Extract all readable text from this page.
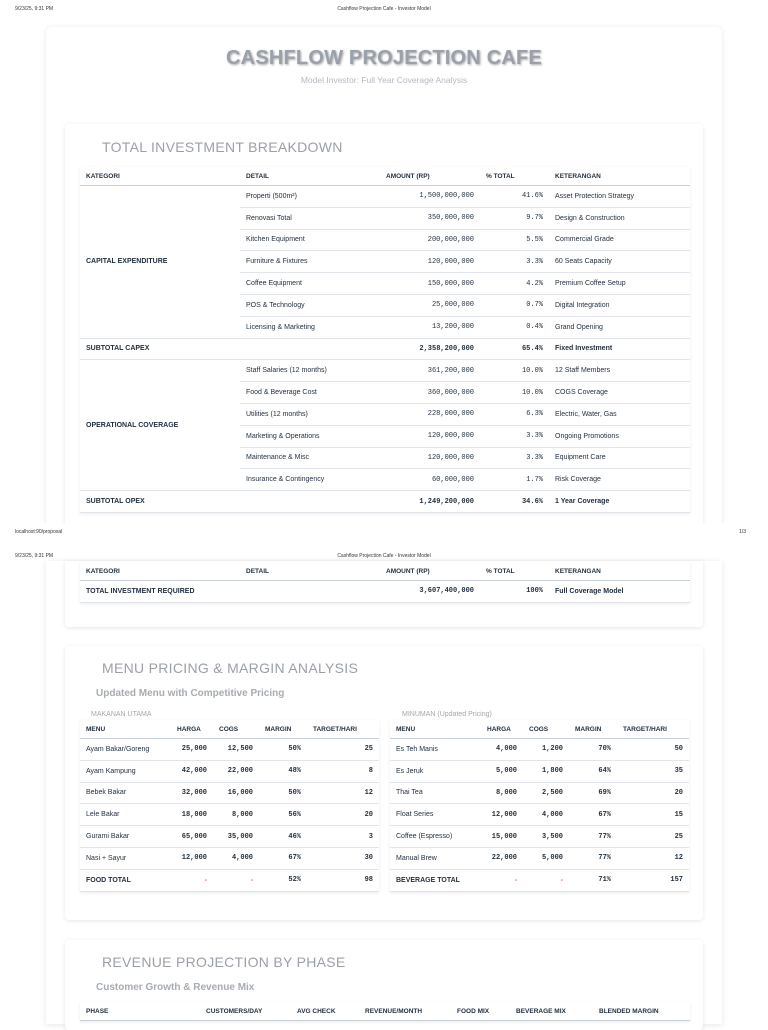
9/23/25, 9:31 PM	Cashflow Projection Cafe - Investor Model
CASHFLOW PROJECTION CAFE
Model Investor: Full Year Coverage Analysis
TOTAL INVESTMENT BREAKDOWN
KATEGORI	DETAIL	AMOUNT (RP)	% TOTAL	KETERANGAN
CAPITAL EXPENDITURE	Properti (500m²)	1,500,000,000	41.6%	Asset Protection Strategy
	Renovasi Total	350,000,000	9.7%	Design & Construction
	Kitchen Equipment	200,000,000	5.5%	Commercial Grade
	Furniture & Fixtures	120,000,000	3.3%	60 Seats Capacity
	Coffee Equipment	150,000,000	4.2%	Premium Coffee Setup
	POS & Technology	25,000,000	0.7%	Digital Integration
	Licensing & Marketing	13,200,000	0.4%	Grand Opening
SUBTOTAL CAPEX		2,358,200,000	65.4%	Fixed Investment
OPERATIONAL COVERAGE	Staff Salaries (12 months)	361,200,000	10.0%	12 Staff Members
	Food & Beverage Cost	360,000,000	10.0%	COGS Coverage
	Utilities (12 months)	228,000,000	6.3%	Electric, Water, Gas
	Marketing & Operations	120,000,000	3.3%	Ongoing Promotions
	Maintenance & Misc	120,000,000	3.3%	Equipment Care
	Insurance & Contingency	60,000,000	1.7%	Risk Coverage
SUBTOTAL OPEX		1,249,200,000	34.6%	1 Year Coverage
localhost:90/proposal	1/3
9/23/25, 9:31 PM	Cashflow Projection Cafe - Investor Model
KATEGORI	DETAIL	AMOUNT (RP)	% TOTAL	KETERANGAN
TOTAL INVESTMENT REQUIRED		3,607,400,000	100%	Full Coverage Model
MENU PRICING & MARGIN ANALYSIS
Updated Menu with Competitive Pricing
MAKANAN UTAMA	MINUMAN (Updated Pricing)
MENU	HARGA	COGS	MARGIN	TARGET/HARI
Ayam Bakar/Goreng	25,000	12,500	50%	25
Ayam Kampung	42,000	22,000	48%	8
Bebek Bakar	32,000	16,000	50%	12
Lele Bakar	18,000	8,000	56%	20
Gurami Bakar	65,000	35,000	46%	3
Nasi + Sayur	12,000	4,000	67%	30
FOOD TOTAL	-	-	52%	98
MENU	HARGA	COGS	MARGIN	TARGET/HARI
Es Teh Manis	4,000	1,200	70%	50
Es Jeruk	5,000	1,800	64%	35
Thai Tea	8,000	2,500	69%	20
Float Series	12,000	4,000	67%	15
Coffee (Espresso)	15,000	3,500	77%	25
Manual Brew	22,000	5,000	77%	12
BEVERAGE TOTAL	-	-	71%	157
REVENUE PROJECTION BY PHASE
Customer Growth & Revenue Mix
PHASE	CUSTOMERS/DAY	AVG CHECK	REVENUE/MONTH	FOOD MIX	BEVERAGE MIX	BLENDED MARGIN
